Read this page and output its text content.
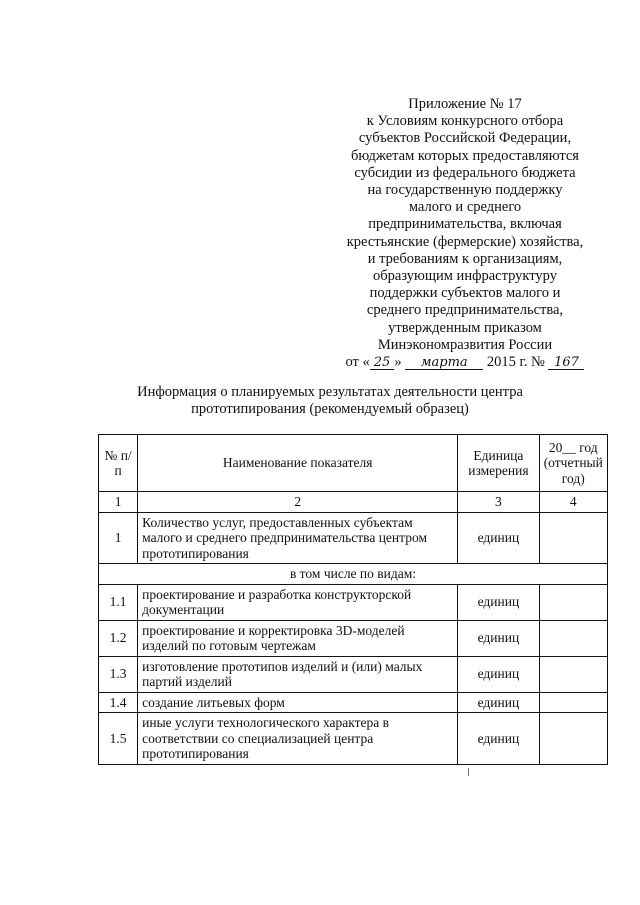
Приложение № 17
к Условиям конкурсного отбора
субъектов Российской Федерации,
бюджетам которых предоставляются
субсидии из федерального бюджета
на государственную поддержку
малого и среднего
предпринимательства, включая
крестьянские (фермерские) хозяйства,
и требованиям к организациям,
образующим инфраструктуру
поддержки субъектов малого и
среднего предпринимательства,
утвержденным приказом
Минэкономразвития России
от « 25 » марта 2015 г. № 167
Информация о планируемых результатах деятельности центра
прототипирования (рекомендуемый образец)
№ п/п	Наименование показателя	Единица измерения	20__ год (отчетный год)
1	2	3	4
1	Количество услуг, предоставленных субъектам малого и среднего предпринимательства центром прототипирования	единиц	
в том числе по видам:			
1.1	проектирование и разработка конструкторской документации	единиц	
1.2	проектирование и корректировка 3D-моделей изделий по готовым чертежам	единиц	
1.3	изготовление прототипов изделий и (или) малых партий изделий	единиц	
1.4	создание литьевых форм	единиц	
1.5	иные услуги технологического характера в соответствии со специализацией центра прототипирования	единиц	
